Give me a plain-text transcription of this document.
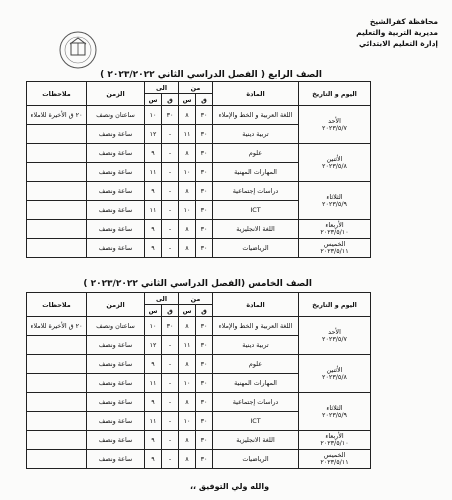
محافظة كفرالشيخ
مديرية التربية والتعليم
إدارة التعليم الابتدائي
الصف الرابع ( الفصل الدراسي الثاني ٢٠٢٣/٢٠٢٢ )
اليوم و التاريخ	المادة	من		الى		الزمن	ملاحظات
		ق	س	ق	س		

الأحد
٢٠٢٣/٥/٧	اللغة العربية و الخط والإملاء	٣٠	٨	٣٠	١٠	ساعتان ونصف	٢٠ ق الأخيرة للاملاء
	تربية دينية	٣٠	١١	-	١٢	ساعة ونصف	

الأثنين
٢٠٢٣/٥/٨	علوم	٣٠	٨	-	٩	ساعة ونصف	
	المهارات المهنية	٣٠	١٠	-	١١	ساعة ونصف	

الثلاثاء
٢٠٢٣/٥/٩	دراسات إجتماعية	٣٠	٨	-	٩	ساعة ونصف	
	ICT	٣٠	١٠	-	١١	ساعة ونصف	

الأربعاء
٢٠٢٣/٥/١٠	اللغة الانجليزية	٣٠	٨	-	٩	ساعة ونصف	

الخميس
٢٠٢٣/٥/١١	الرياضيات	٣٠	٨	-	٩	ساعة ونصف	
الصف الخامس (الفصل الدراسي الثاني ٢٠٢٣/٢٠٢٢ )
اليوم و التاريخ	المادة	من		الى		الزمن	ملاحظات
		ق	س	ق	س		

الأحد
٢٠٢٣/٥/٧	اللغة العربية و الخط والإملاء	٣٠	٨	٣٠	١٠	ساعتان ونصف	٢٠ ق الأخيرة للاملاء
	تربية دينية	٣٠	١١	-	١٢	ساعة ونصف	

الأثنين
٢٠٢٣/٥/٨	علوم	٣٠	٨	-	٩	ساعة ونصف	
	المهارات المهنية	٣٠	١٠	-	١١	ساعة ونصف	

الثلاثاء
٢٠٢٣/٥/٩	دراسات إجتماعية	٣٠	٨	-	٩	ساعة ونصف	
	ICT	٣٠	١٠	-	١١	ساعة ونصف	

الأربعاء
٢٠٢٣/٥/١٠	اللغة الانجليزية	٣٠	٨	-	٩	ساعة ونصف	

الخميس
٢٠٢٣/٥/١١	الرياضيات	٣٠	٨	-	٩	ساعة ونصف	
والله ولي التوفيق ،،
